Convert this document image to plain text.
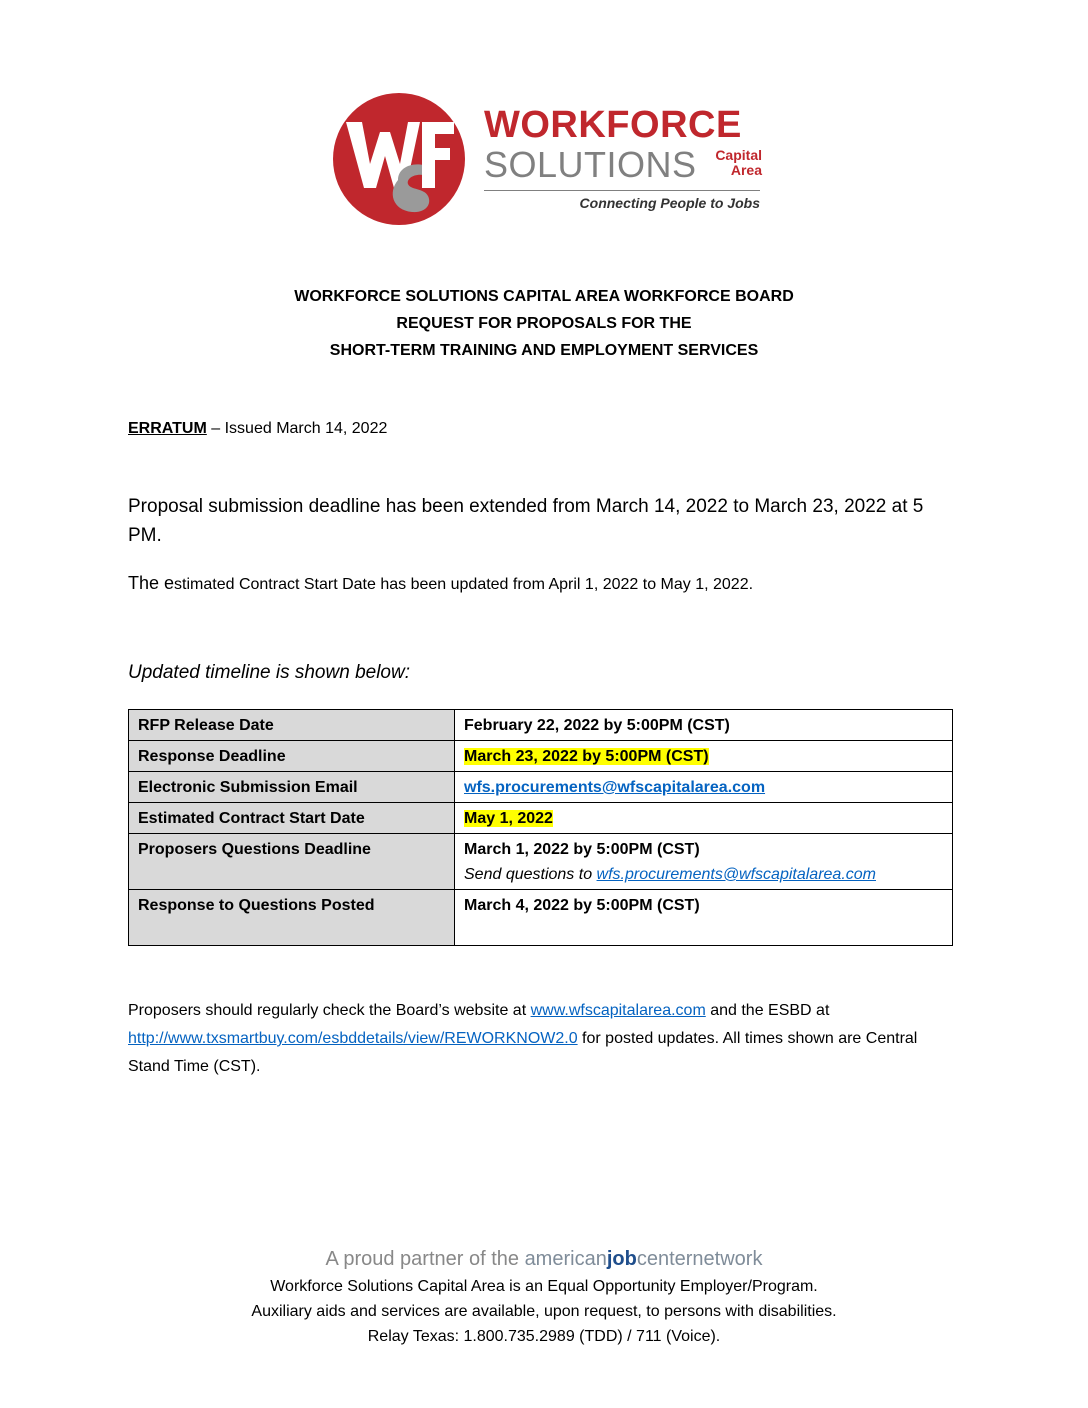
WORKFORCE
SOLUTIONS Capital
Area
Connecting People to Jobs
WORKFORCE SOLUTIONS CAPITAL AREA WORKFORCE BOARD
REQUEST FOR PROPOSALS FOR THE
SHORT-TERM TRAINING AND EMPLOYMENT SERVICES
ERRATUM – Issued March 14, 2022
Proposal submission deadline has been extended from March 14, 2022 to March 23, 2022 at 5 PM.
The estimated Contract Start Date has been updated from April 1, 2022 to May 1, 2022.
Updated timeline is shown below:
RFP Release Date	February 22, 2022 by 5:00PM (CST)
Response Deadline	March 23, 2022 by 5:00PM (CST)
Electronic Submission Email	wfs.procurements@wfscapitalarea.com
Estimated Contract Start Date	May 1, 2022
Proposers Questions Deadline	March 1, 2022 by 5:00PM (CST)
Send questions to wfs.procurements@wfscapitalarea.com

Response to Questions Posted	March 4, 2022 by 5:00PM (CST)
Proposers should regularly check the Board’s website at www.wfscapitalarea.com and the ESBD at http://www.txsmartbuy.com/esbddetails/view/REWORKNOW2.0 for posted updates. All times shown are Central Stand Time (CST).
A proud partner of the americanjobcenternetwork
Workforce Solutions Capital Area is an Equal Opportunity Employer/Program.
Auxiliary aids and services are available, upon request, to persons with disabilities.
Relay Texas: 1.800.735.2989 (TDD) / 711 (Voice).
